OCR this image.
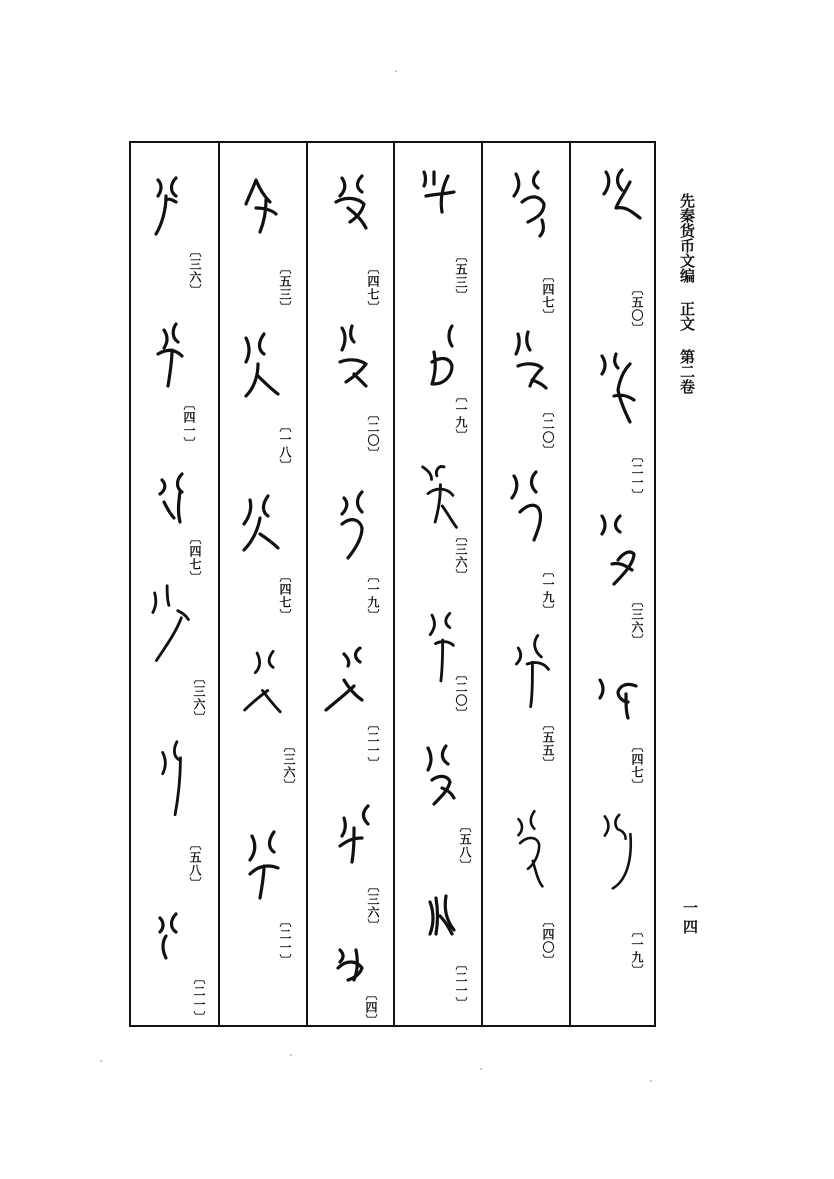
〔五〇〕
〔二一〕
〔三六〕
〔四七〕
〔一九〕
〔四七〕
〔二〇〕
〔一九〕
〔五五〕
〔四〇〕
〔五三〕
〔一九〕
〔三六〕
〔二〇〕
〔五八〕
〔二一〕
〔四七〕
〔二〇〕
〔一九〕
〔二一〕
〔三六〕
〔四〕
〔五三〕
〔一八〕
〔四七〕
〔三六〕
〔二一〕
〔三六〕
〔四一〕
〔四七〕
〔三六〕
〔五八〕
〔二一〕
先秦货币文编正文第二卷
一四
